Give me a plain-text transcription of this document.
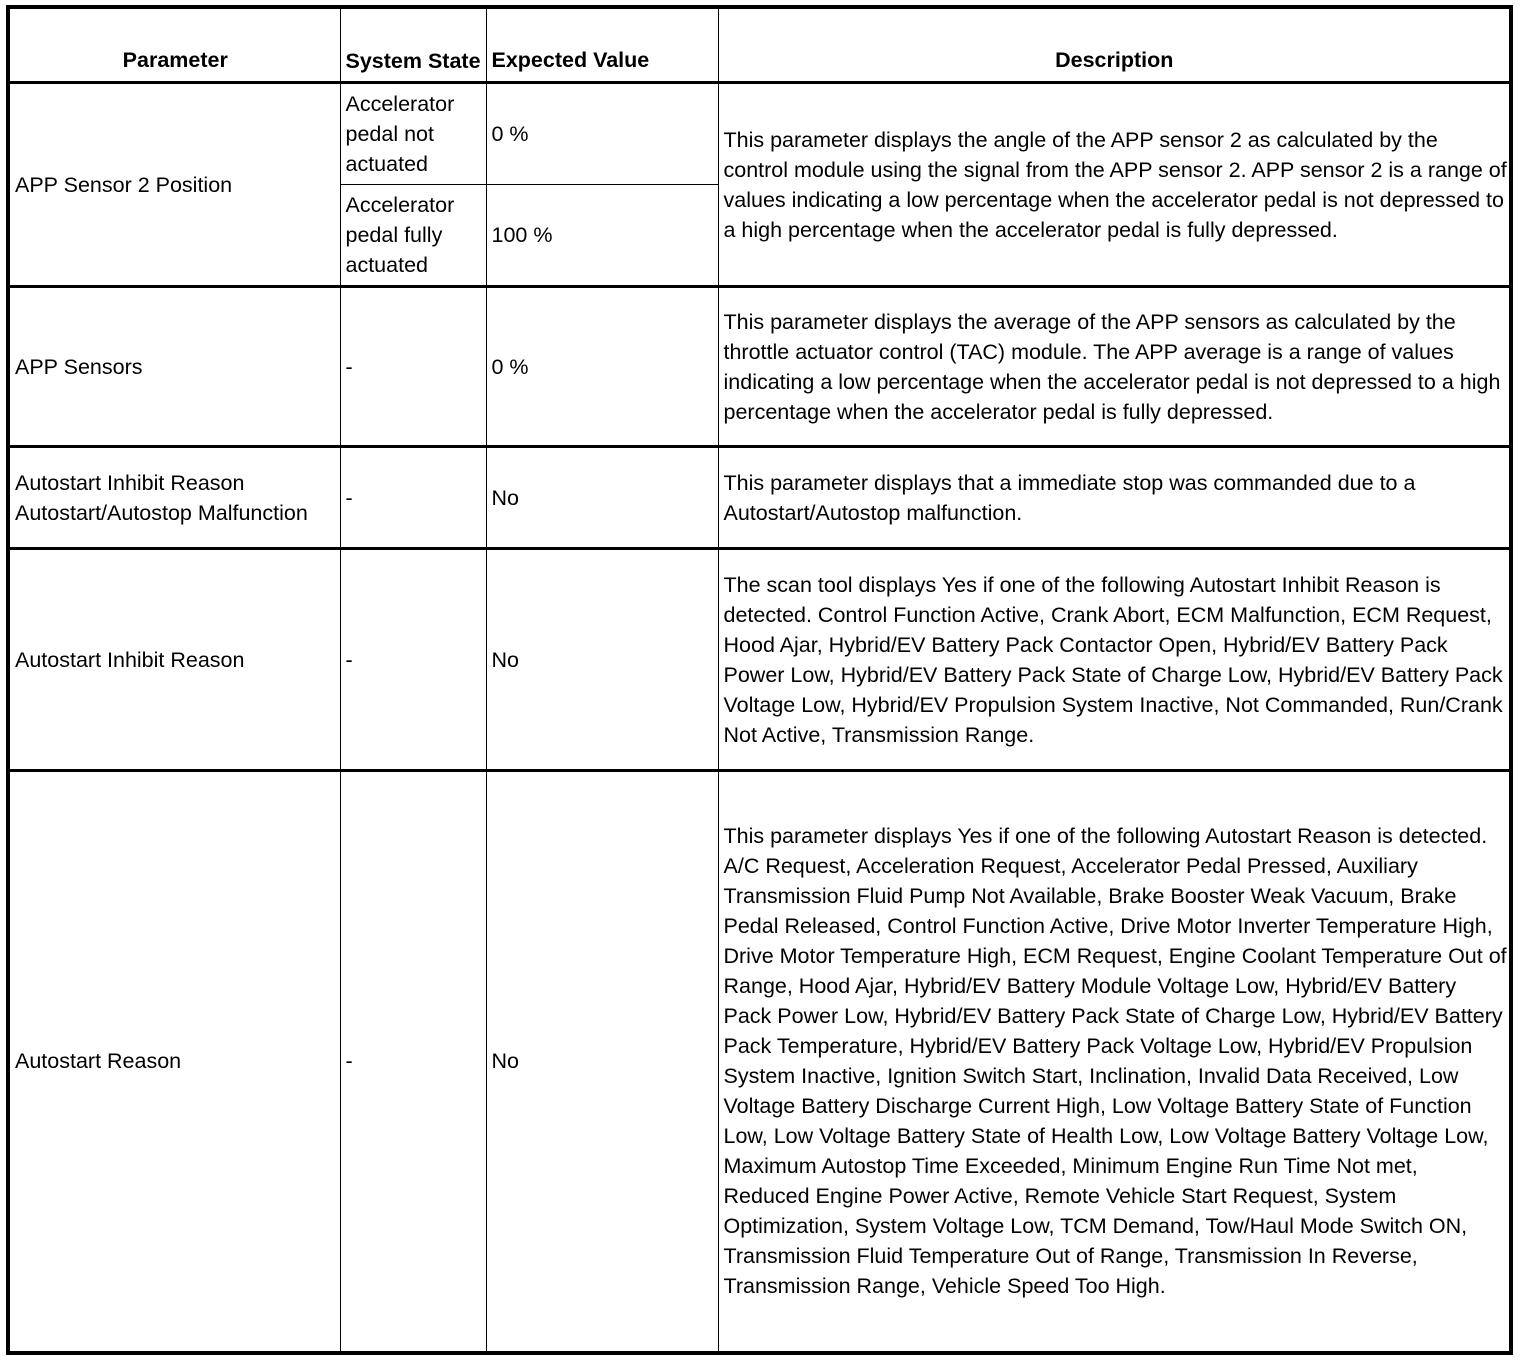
Parameter	System State	Expected Value	Description
APP Sensor 2 Position	Accelerator pedal not actuated	0 %	This parameter displays the angle of the APP sensor 2 as calculated by the control module using the signal from the APP sensor 2. APP sensor 2 is a range of values indicating a low percentage when the accelerator pedal is not depressed to a high percentage when the accelerator pedal is fully depressed.
	Accelerator pedal fully actuated	100 %	
APP Sensors	-	0 %	This parameter displays the average of the APP sensors as calculated by the throttle actuator control (TAC) module. The APP average is a range of values indicating a low percentage when the accelerator pedal is not depressed to a high percentage when the accelerator pedal is fully depressed.
Autostart Inhibit Reason Autostart/Autostop Malfunction	-	No	This parameter displays that a immediate stop was commanded due to a Autostart/Autostop malfunction.
Autostart Inhibit Reason	-	No	The scan tool displays Yes if one of the following Autostart Inhibit Reason is detected. Control Function Active, Crank Abort, ECM Malfunction, ECM Request, Hood Ajar, Hybrid/EV Battery Pack Contactor Open, Hybrid/EV Battery Pack Power Low, Hybrid/EV Battery Pack State of Charge Low, Hybrid/EV Battery Pack Voltage Low, Hybrid/EV Propulsion System Inactive, Not Commanded, Run/Crank Not Active, Transmission Range.
Autostart Reason	-	No	This parameter displays Yes if one of the following Autostart Reason is detected. A/C Request, Acceleration Request, Accelerator Pedal Pressed, Auxiliary Transmission Fluid Pump Not Available, Brake Booster Weak Vacuum, Brake Pedal Released, Control Function Active, Drive Motor Inverter Temperature High, Drive Motor Temperature High, ECM Request, Engine Coolant Temperature Out of Range, Hood Ajar, Hybrid/EV Battery Module Voltage Low, Hybrid/EV Battery Pack Power Low, Hybrid/EV Battery Pack State of Charge Low, Hybrid/EV Battery Pack Temperature, Hybrid/EV Battery Pack Voltage Low, Hybrid/EV Propulsion System Inactive, Ignition Switch Start, Inclination, Invalid Data Received, Low Voltage Battery Discharge Current High, Low Voltage Battery State of Function Low, Low Voltage Battery State of Health Low, Low Voltage Battery Voltage Low, Maximum Autostop Time Exceeded, Minimum Engine Run Time Not met, Reduced Engine Power Active, Remote Vehicle Start Request, System Optimization, System Voltage Low, TCM Demand, Tow/Haul Mode Switch ON, Transmission Fluid Temperature Out of Range, Transmission In Reverse, Transmission Range, Vehicle Speed Too High.
